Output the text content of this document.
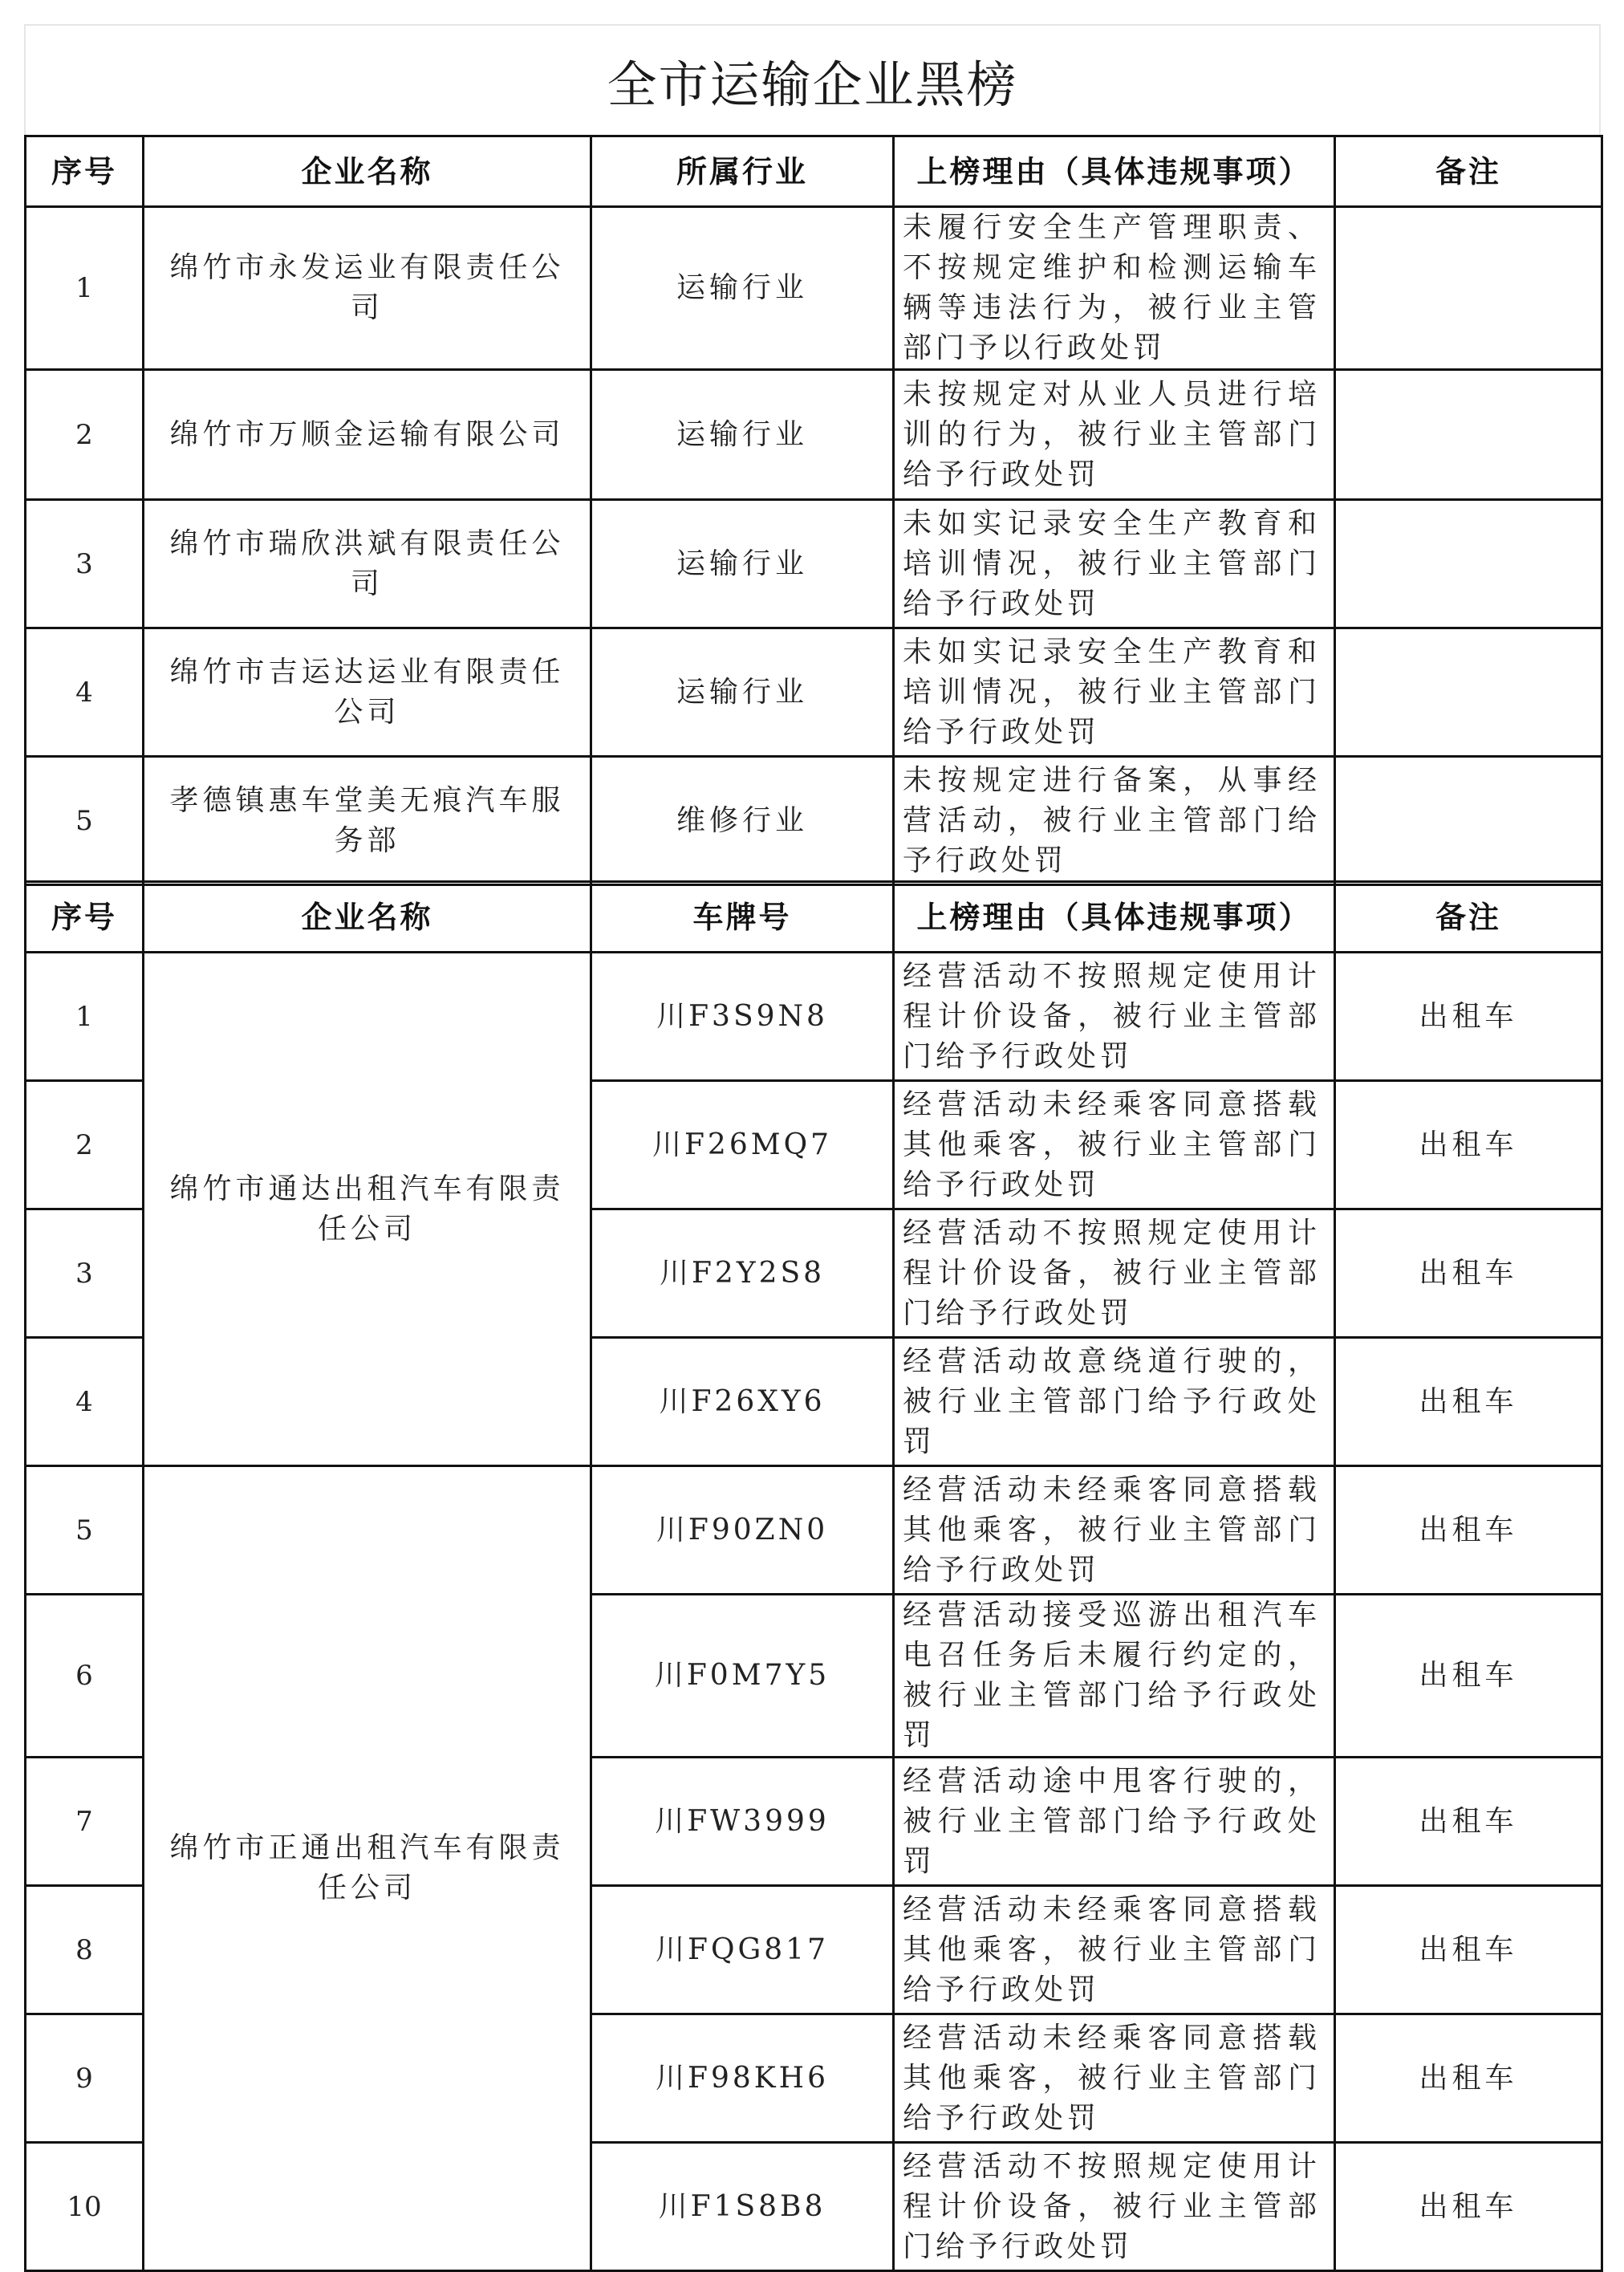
全市运输企业黑榜
序号	企业名称	所属行业	上榜理由（具体违规事项）	备注
1	绵竹市永发运业有限责任公司	运输行业	未履行安全生产管理职责、不按规定维护和检测运输车辆等违法行为，被行业主管部门予以行政处罚	
2	绵竹市万顺金运输有限公司	运输行业	未按规定对从业人员进行培训的行为，被行业主管部门给予行政处罚	
3	绵竹市瑞欣洪斌有限责任公司	运输行业	未如实记录安全生产教育和培训情况，被行业主管部门给予行政处罚	
4	绵竹市吉运达运业有限责任公司	运输行业	未如实记录安全生产教育和培训情况，被行业主管部门给予行政处罚	
5	孝德镇惠车堂美无痕汽车服务部	维修行业	未按规定进行备案，从事经营活动，被行业主管部门给予行政处罚	
序号	企业名称	车牌号	上榜理由（具体违规事项）	备注
1	绵竹市通达出租汽车有限责任公司	川F3S9N8	经营活动不按照规定使用计程计价设备，被行业主管部门给予行政处罚	出租车
2		川F26MQ7	经营活动未经乘客同意搭载其他乘客，被行业主管部门给予行政处罚	出租车
3		川F2Y2S8	经营活动不按照规定使用计程计价设备，被行业主管部门给予行政处罚	出租车
4		川F26XY6	经营活动故意绕道行驶的，被行业主管部门给予行政处罚	出租车
5	绵竹市正通出租汽车有限责任公司	川F90ZN0	经营活动未经乘客同意搭载其他乘客，被行业主管部门给予行政处罚	出租车
6		川F0M7Y5	经营活动接受巡游出租汽车电召任务后未履行约定的，被行业主管部门给予行政处罚	出租车
7		川FW3999	经营活动途中甩客行驶的，被行业主管部门给予行政处罚	出租车
8		川FQG817	经营活动未经乘客同意搭载其他乘客，被行业主管部门给予行政处罚	出租车
9		川F98KH6	经营活动未经乘客同意搭载其他乘客，被行业主管部门给予行政处罚	出租车
10		川F1S8B8	经营活动不按照规定使用计程计价设备，被行业主管部门给予行政处罚	出租车
